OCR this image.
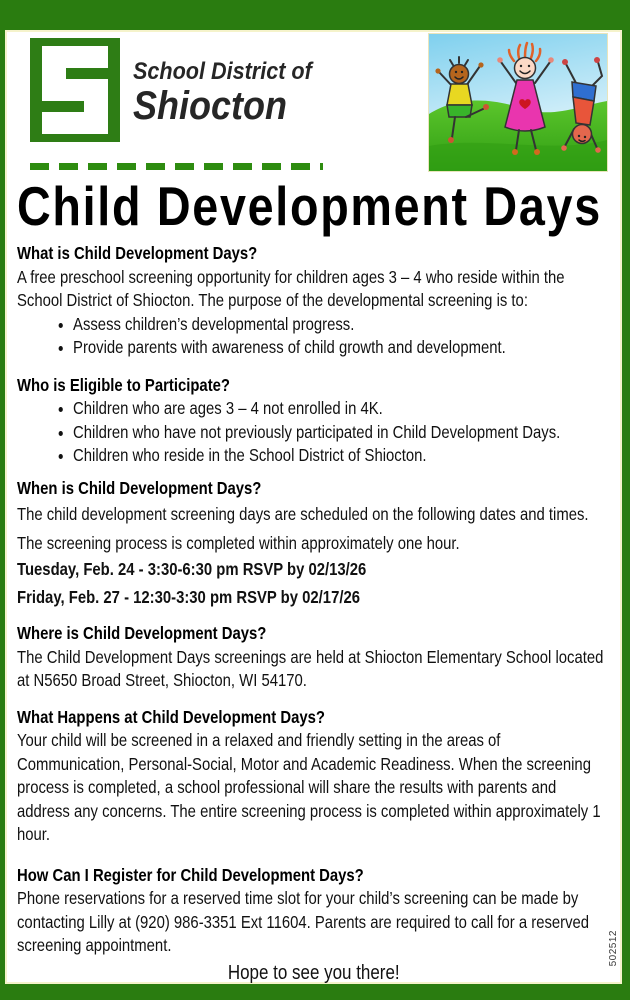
School District of
Shiocton
Child Development Days
What is Child Development Days?

A free preschool screening opportunity for children ages 3 – 4 who reside within the School District of Shiocton. The purpose of the developmental screening is to:

• Assess children’s developmental progress.
• Provide parents with awareness of child growth and development.
Who is Eligible to Participate?
• Children who are ages 3 – 4 not enrolled in 4K.
• Children who have not previously participated in Child Development Days.
• Children who reside in the School District of Shiocton.
When is Child Development Days?

The child development screening days are scheduled on the following dates and times. The screening process is completed within approximately one hour.

Tuesday, Feb. 24 - 3:30-6:30 pm RSVP by 02/13/26

Friday, Feb. 27 - 12:30-3:30 pm RSVP by 02/17/26

Where is Child Development Days?

The Child Development Days screenings are held at Shiocton Elementary School located at N5650 Broad Street, Shiocton, WI 54170.

What Happens at Child Development Days?

Your child will be screened in a relaxed and friendly setting in the areas of Communication, Personal-Social, Motor and Academic Readiness. When the screening process is completed, a school professional will share the results with parents and address any concerns. The entire screening process is completed within approximately 1 hour.

How Can I Register for Child Development Days?

Phone reservations for a reserved time slot for your child’s screening can be made by contacting Lilly at (920) 986-3351 Ext 11604. Parents are required to call for a reserved screening appointment.

Hope to see you there!
502512
